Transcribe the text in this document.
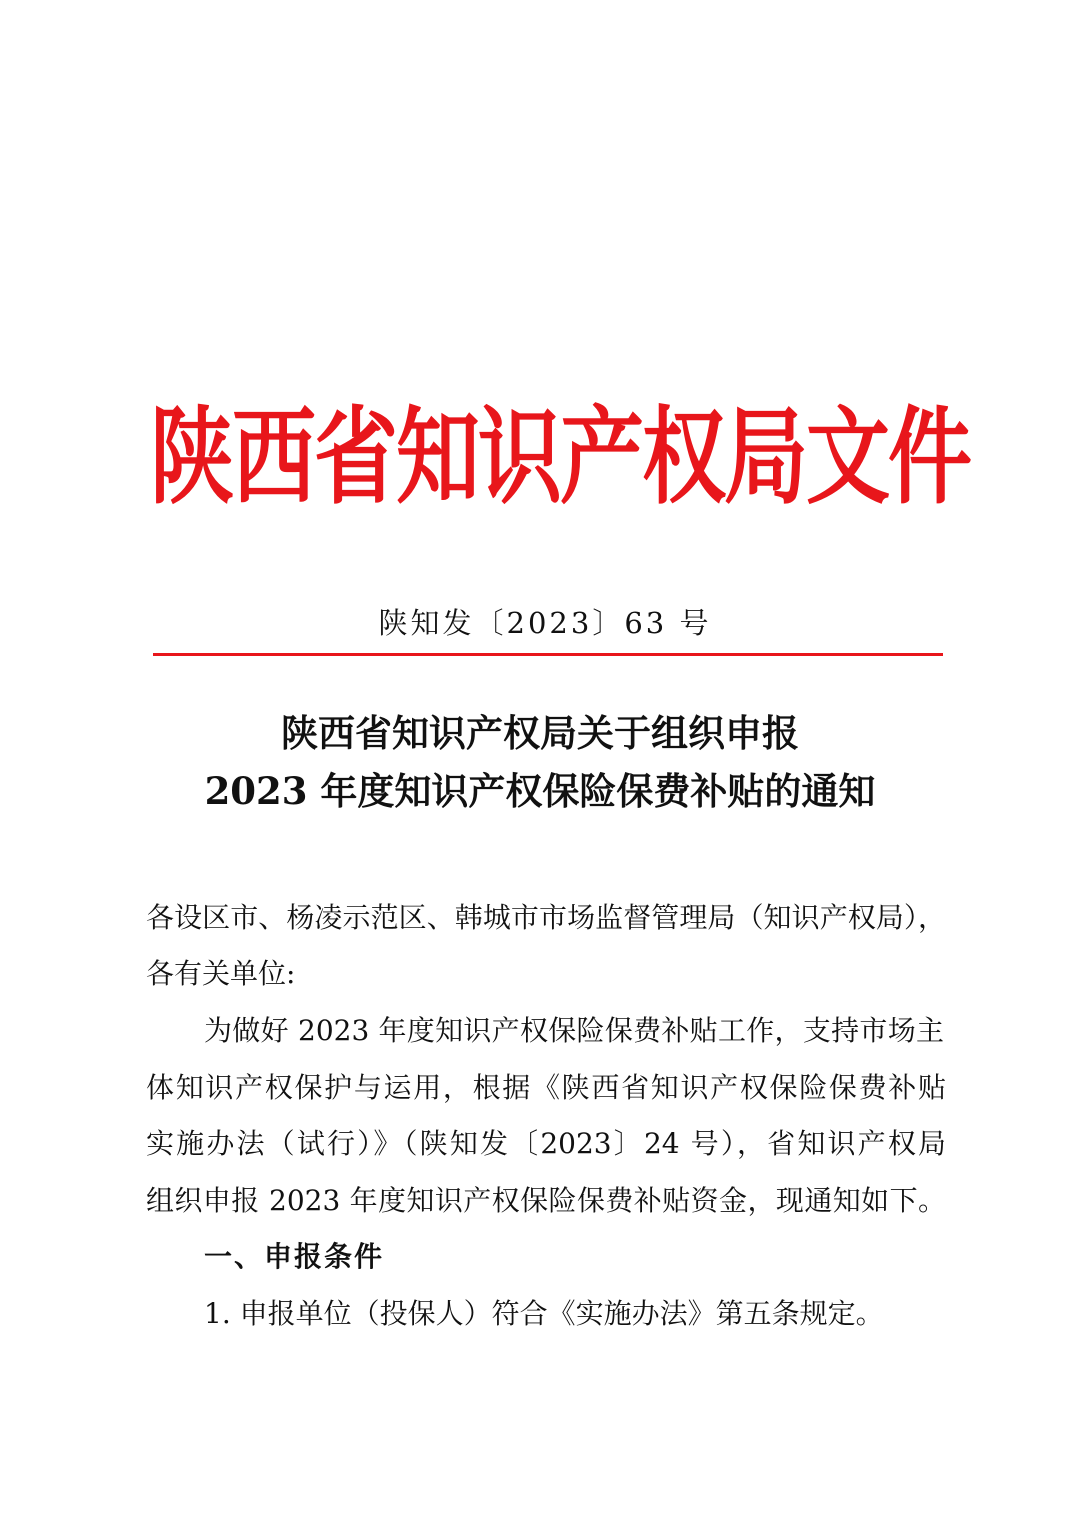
陕西省知识产权局文件
陕知发〔2023〕63 号
陕西省知识产权局关于组织申报
2023 年度知识产权保险保费补贴的通知
各设区市、杨凌示范区、韩城市市场监督管理局（知识产权局），
各有关单位:
为做好 2023 年度知识产权保险保费补贴工作，支持市场主
体知识产权保护与运用，根据《陕西省知识产权保险保费补贴
实施办法（试行）》（陕知发〔2023〕24 号），省知识产权局
组织申报 2023 年度知识产权保险保费补贴资金，现通知如下。
一、申报条件
1. 申报单位（投保人）符合《实施办法》第五条规定。
